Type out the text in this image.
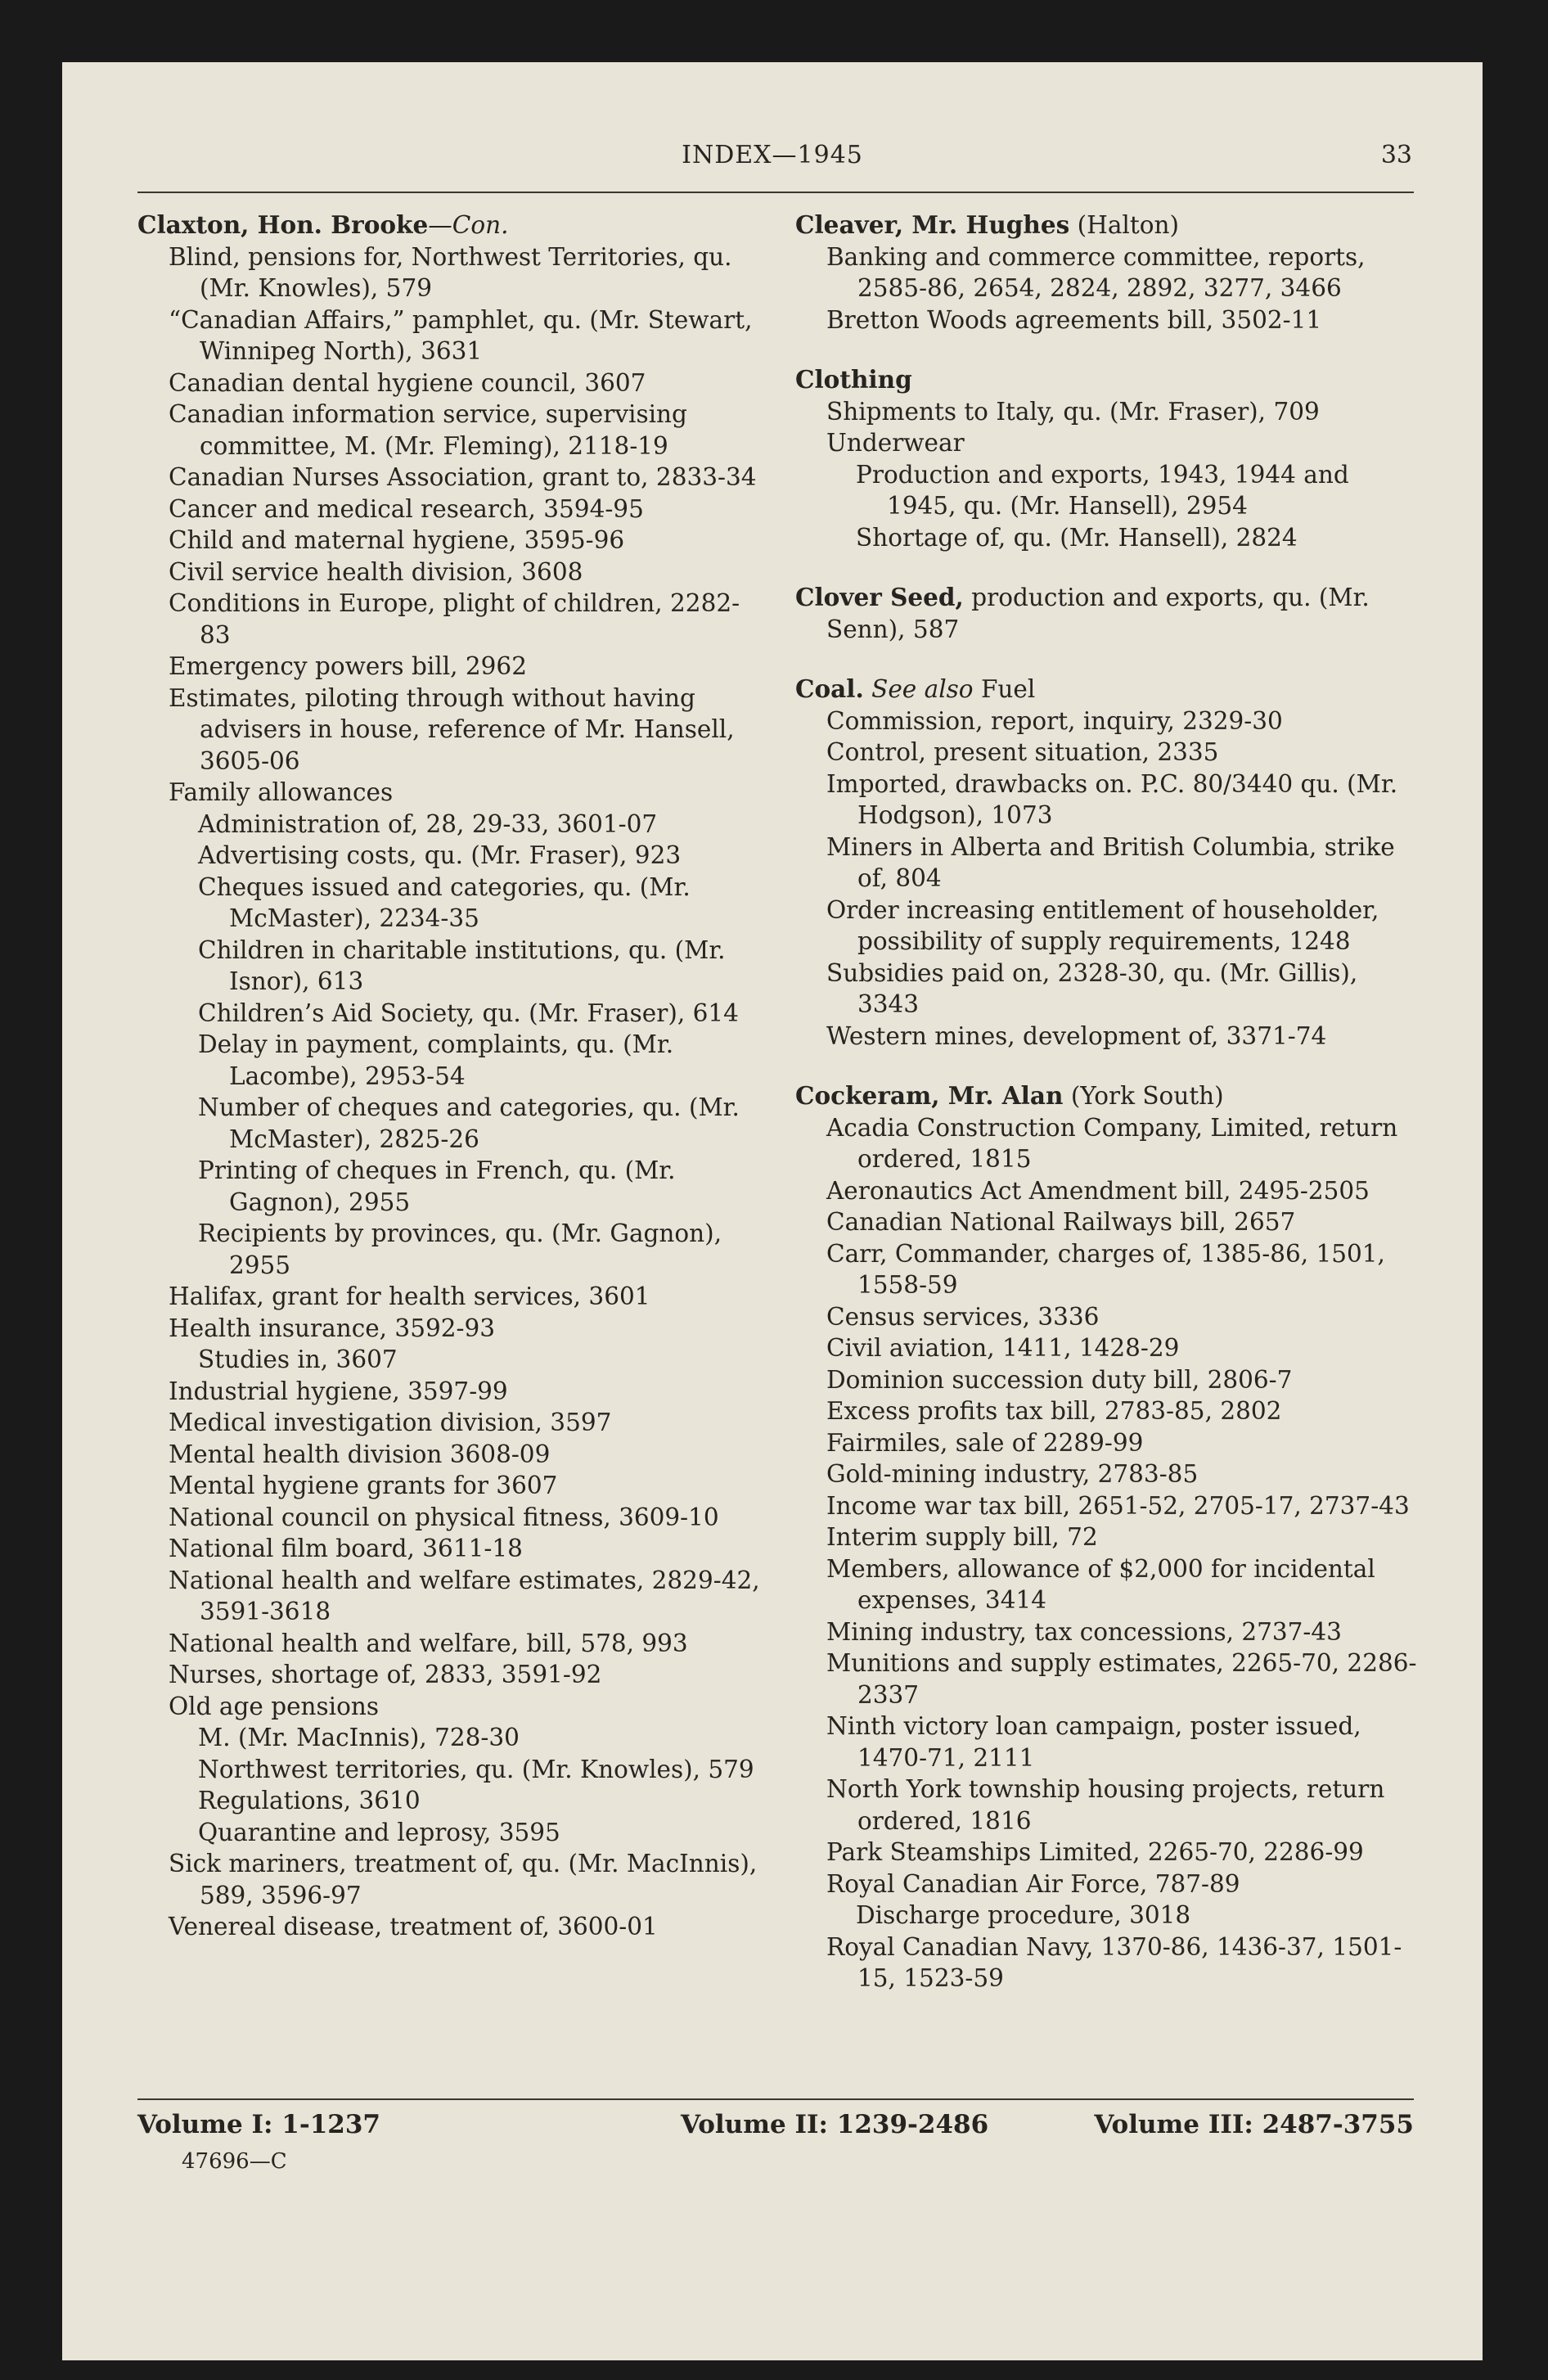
INDEX—1945	33
Claxton, Hon. Brooke—Con.
Blind, pensions for, Northwest Territories, qu. (Mr. Knowles), 579
“Canadian Affairs,” pamphlet, qu. (Mr. Stewart, Winnipeg North), 3631
Canadian dental hygiene council, 3607
Canadian information service, supervising committee, M. (Mr. Fleming), 2118-19
Canadian Nurses Association, grant to, 2833-34
Cancer and medical research, 3594-95
Child and maternal hygiene, 3595-96
Civil service health division, 3608
Conditions in Europe, plight of children, 2282-83
Emergency powers bill, 2962
Estimates, piloting through without having advisers in house, reference of Mr. Hansell, 3605-06
Family allowances
Administration of, 28, 29-33, 3601-07
Advertising costs, qu. (Mr. Fraser), 923
Cheques issued and categories, qu. (Mr. McMaster), 2234-35
Children in charitable institutions, qu. (Mr. Isnor), 613
Children’s Aid Society, qu. (Mr. Fraser), 614
Delay in payment, complaints, qu. (Mr. Lacombe), 2953-54
Number of cheques and categories, qu. (Mr. McMaster), 2825-26
Printing of cheques in French, qu. (Mr. Gagnon), 2955
Recipients by provinces, qu. (Mr. Gagnon), 2955
Halifax, grant for health services, 3601
Health insurance, 3592-93
Studies in, 3607
Industrial hygiene, 3597-99
Medical investigation division, 3597
Mental health division 3608-09
Mental hygiene grants for 3607
National council on physical fitness, 3609-10
National film board, 3611-18
National health and welfare estimates, 2829-42, 3591-3618
National health and welfare, bill, 578, 993
Nurses, shortage of, 2833, 3591-92
Old age pensions
M. (Mr. MacInnis), 728-30
Northwest territories, qu. (Mr. Knowles), 579
Regulations, 3610
Quarantine and leprosy, 3595
Sick mariners, treatment of, qu. (Mr. MacInnis), 589, 3596-97
Venereal disease, treatment of, 3600-01
Cleaver, Mr. Hughes (Halton)
Banking and commerce committee, reports, 2585-86, 2654, 2824, 2892, 3277, 3466
Bretton Woods agreements bill, 3502-11
Clothing
Shipments to Italy, qu. (Mr. Fraser), 709
Underwear
Production and exports, 1943, 1944 and 1945, qu. (Mr. Hansell), 2954
Shortage of, qu. (Mr. Hansell), 2824
Clover Seed, production and exports, qu. (Mr. Senn), 587
Coal. See also Fuel
Commission, report, inquiry, 2329-30
Control, present situation, 2335
Imported, drawbacks on. P.C. 80/3440 qu. (Mr. Hodgson), 1073
Miners in Alberta and British Columbia, strike of, 804
Order increasing entitlement of householder, possibility of supply requirements, 1248
Subsidies paid on, 2328-30, qu. (Mr. Gillis), 3343
Western mines, development of, 3371-74
Cockeram, Mr. Alan (York South)
Acadia Construction Company, Limited, return ordered, 1815
Aeronautics Act Amendment bill, 2495-2505
Canadian National Railways bill, 2657
Carr, Commander, charges of, 1385-86, 1501, 1558-59
Census services, 3336
Civil aviation, 1411, 1428-29
Dominion succession duty bill, 2806-7
Excess profits tax bill, 2783-85, 2802
Fairmiles, sale of 2289-99
Gold-mining industry, 2783-85
Income war tax bill, 2651-52, 2705-17, 2737-43
Interim supply bill, 72
Members, allowance of $2,000 for incidental expenses, 3414
Mining industry, tax concessions, 2737-43
Munitions and supply estimates, 2265-70, 2286-2337
Ninth victory loan campaign, poster issued, 1470-71, 2111
North York township housing projects, return ordered, 1816
Park Steamships Limited, 2265-70, 2286-99
Royal Canadian Air Force, 787-89
Discharge procedure, 3018
Royal Canadian Navy, 1370-86, 1436-37, 1501-15, 1523-59
Volume I: 1-1237	Volume II: 1239-2486	Volume III: 2487-3755
47696—C
